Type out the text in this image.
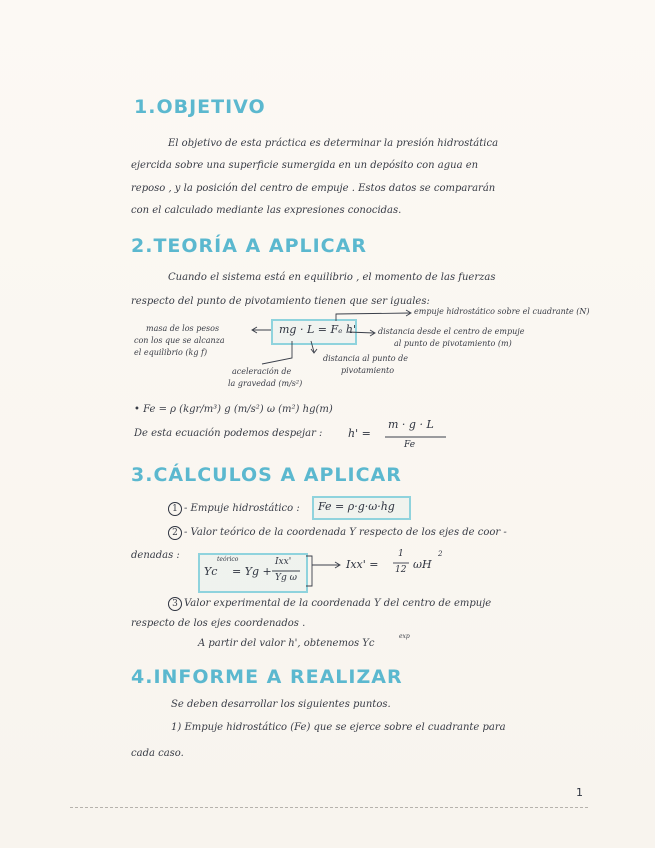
1.OBJETIVO
El objetivo de esta práctica es determinar la presión hidrostática
ejercida sobre una superficie sumergida en un depósito con agua en
reposo , y la posición del centro de empuje . Estos datos se compararán
con el calculado mediante las expresiones conocidas.
2.TEORÍA A APLICAR
Cuando el sistema está en equilibrio , el momento de las fuerzas
respecto del punto de pivotamiento tienen que ser iguales:
mg · L = Fₑ h'
masa de los pesos
con los que se alcanza
el equilibrio (kg f)
empuje hidrostático sobre el cuadrante (N)
distancia desde el centro de empuje
al punto de pivotamiento (m)
aceleración de
la gravedad (m/s²)
distancia al punto de
pivotamiento
• Fe = ρ (kgr/m³) g (m/s²) ω (m²) hg(m)
De esta ecuación podemos despejar : h' =
m · g · L
Fe
3.CÁLCULOS A APLICAR
1 - Empuje hidrostático : Fe = ρ·g·ω·hg
2 - Valor teórico de la coordenada Y respecto de los ejes de coor -
denadas :
Yc
teórico
= Yg +
Ixx'
Yg ω
Ixx' =
1
12 ωH
2
3 Valor experimental de la coordenada Y del centro de empuje
respecto de los ejes coordenados .
A partir del valor h', obtenemos Yc
exp
4.INFORME A REALIZAR
Se deben desarrollar los siguientes puntos.
1) Empuje hidrostático (Fe) que se ejerce sobre el cuadrante para
cada caso.
1
